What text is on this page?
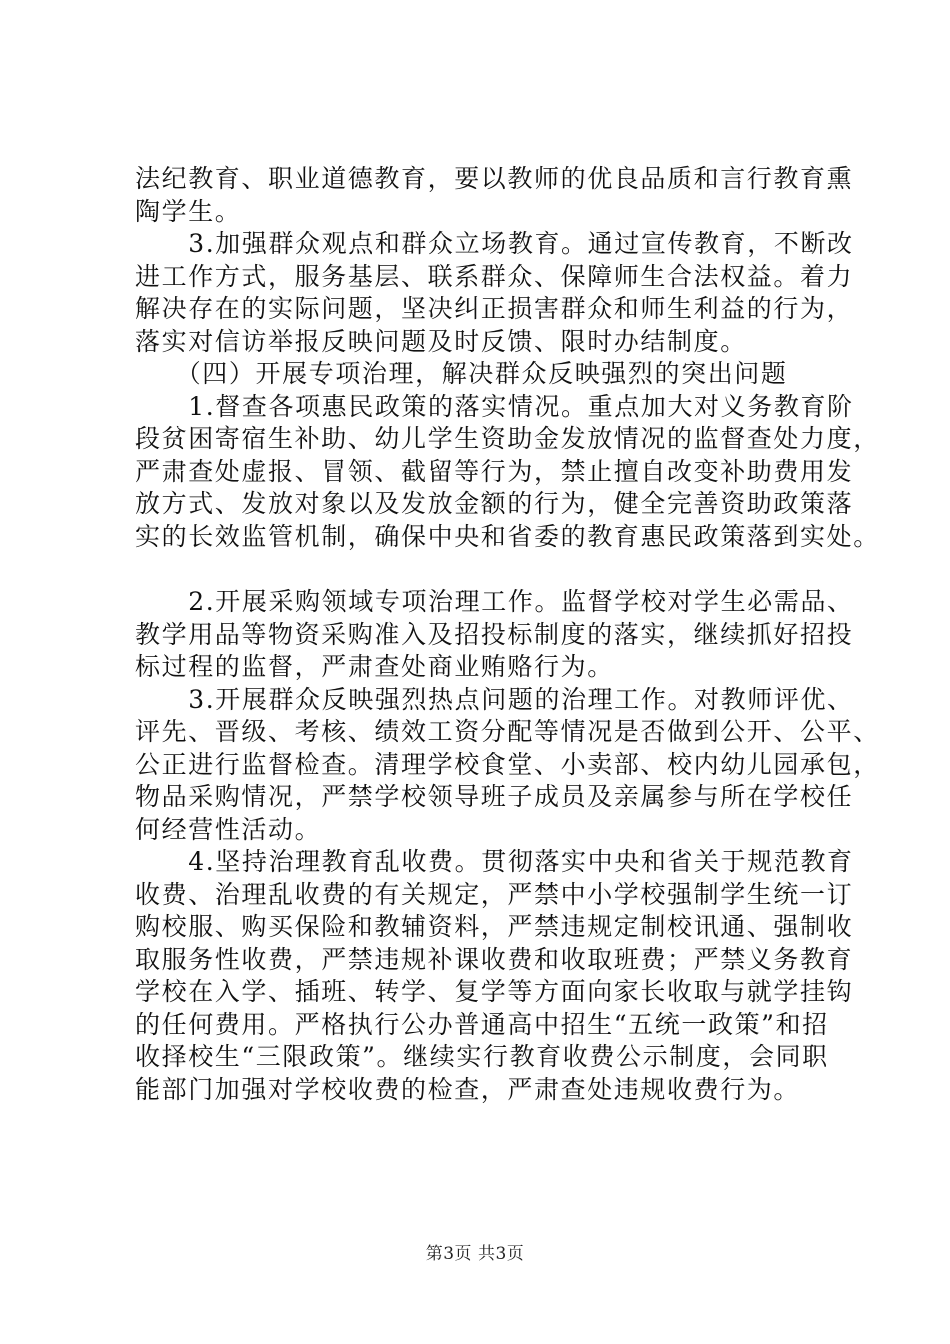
法纪教育、职业道德教育，要以教师的优良品质和言行教育熏
陶学生。
　　3.加强群众观点和群众立场教育。通过宣传教育，不断改
进工作方式，服务基层、联系群众、保障师生合法权益。着力
解决存在的实际问题，坚决纠正损害群众和师生利益的行为，
落实对信访举报反映问题及时反馈、限时办结制度。
　　（四）开展专项治理，解决群众反映强烈的突出问题
　　1.督查各项惠民政策的落实情况。重点加大对义务教育阶
段贫困寄宿生补助、幼儿学生资助金发放情况的监督查处力度，
严肃查处虚报、冒领、截留等行为，禁止擅自改变补助费用发
放方式、发放对象以及发放金额的行为，健全完善资助政策落
实的长效监管机制，确保中央和省委的教育惠民政策落到实处。
　　2.开展采购领域专项治理工作。监督学校对学生必需品、
教学用品等物资采购准入及招投标制度的落实，继续抓好招投
标过程的监督，严肃查处商业贿赂行为。
　　3.开展群众反映强烈热点问题的治理工作。对教师评优、
评先、晋级、考核、绩效工资分配等情况是否做到公开、公平、
公正进行监督检查。清理学校食堂、小卖部、校内幼儿园承包，
物品采购情况，严禁学校领导班子成员及亲属参与所在学校任
何经营性活动。
　　4.坚持治理教育乱收费。贯彻落实中央和省关于规范教育
收费、治理乱收费的有关规定，严禁中小学校强制学生统一订
购校服、购买保险和教辅资料，严禁违规定制校讯通、强制收
取服务性收费，严禁违规补课收费和收取班费；严禁义务教育
学校在入学、插班、转学、复学等方面向家长收取与就学挂钩
的任何费用。严格执行公办普通高中招生“五统一政策”和招
收择校生“三限政策”。继续实行教育收费公示制度，会同职
能部门加强对学校收费的检查，严肃查处违规收费行为。
第3页 共3页
